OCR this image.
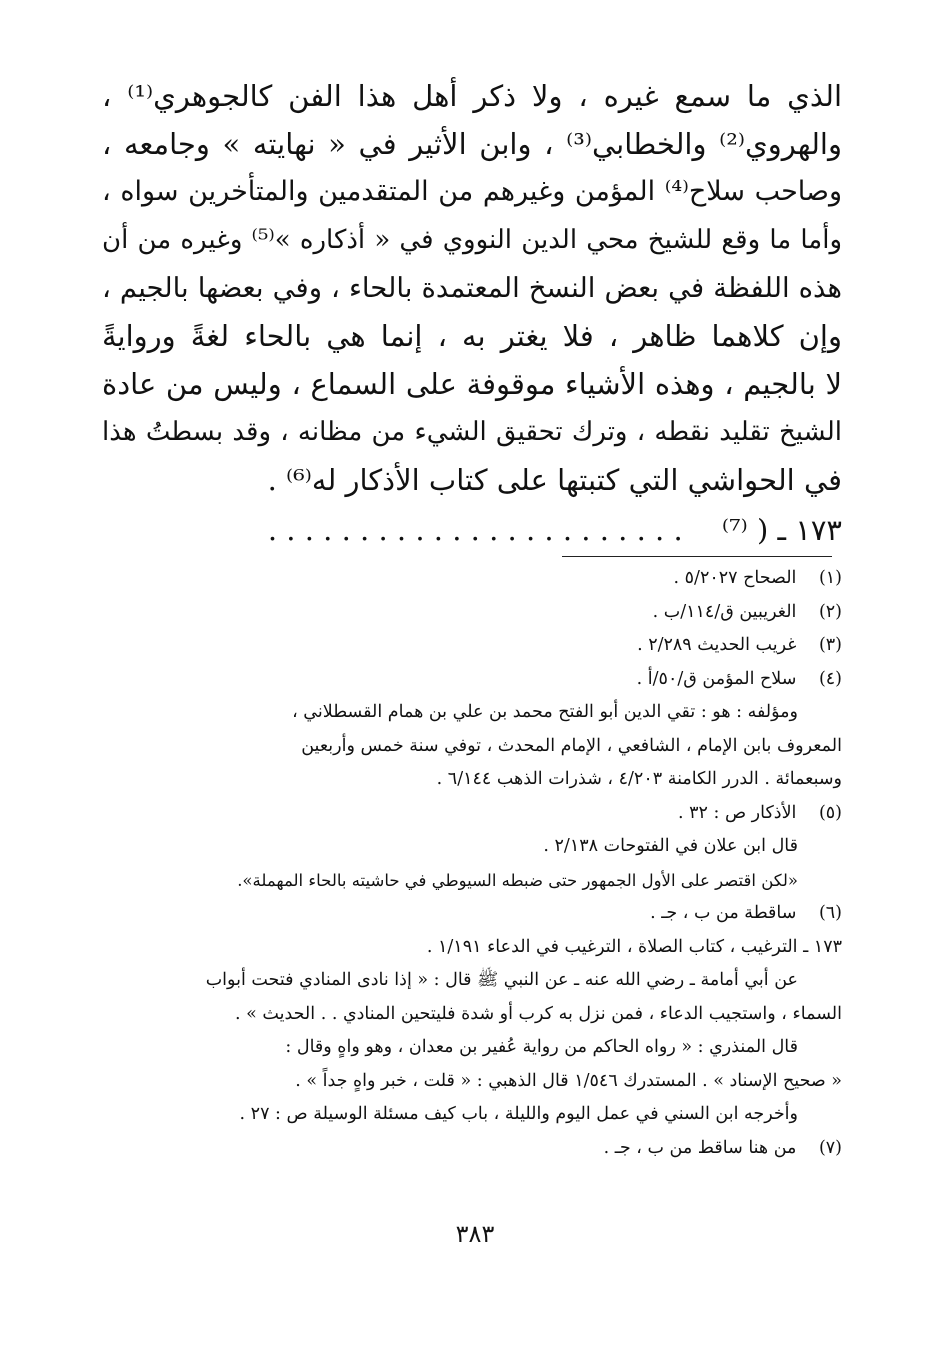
الذي ما سمع غيره ، ولا ذكر أهل هذا الفن كالجوهري⁽¹⁾ ،
والهروي⁽²⁾ والخطابي⁽³⁾ ، وابن الأثير في « نهايته » وجامعه ،
وصاحب سلاح⁽⁴⁾ المؤمن وغيرهم من المتقدمين والمتأخرين سواه ،
وأما ما وقع للشيخ محي الدين النووي في « أذكاره »⁽⁵⁾ وغيره من أن
هذه اللفظة في بعض النسخ المعتمدة بالحاء ، وفي بعضها بالجيم ،
وإن كلاهما ظاهر ، فلا يغتر به ، إنما هي بالحاء لغةً وروايةً
لا بالجيم ، وهذه الأشياء موقوفة على السماع ، وليس من عادة
الشيخ تقليد نقطه ، وترك تحقيق الشيء من مظانه ، وقد بسطتُ هذا
في الحواشي التي كتبتها على كتاب الأذكار له⁽⁶⁾ .
١٧٣ ـ ( ⁽⁷⁾ . . . . . . . . . . . . . . . . . . . . . . .
(١) الصحاح ٥/٢٠٢٧ .
(٢) الغريبين ق/١١٤/ب .
(٣) غريب الحديث ٢/٢٨٩ .
(٤) سلاح المؤمن ق/٥٠/أ .
ومؤلفه : هو : تقي الدين أبو الفتح محمد بن علي بن همام القسطلاني ،
المعروف بابن الإمام ، الشافعي ، الإمام المحدث ، توفي سنة خمس وأربعين
وسبعمائة . الدرر الكامنة ٤/٢٠٣ ، شذرات الذهب ٦/١٤٤ .
(٥) الأذكار ص : ٣٢ .
قال ابن علان في الفتوحات ٢/١٣٨ .
«لكن اقتصر على الأول الجمهور حتى ضبطه السيوطي في حاشيته بالحاء المهملة».
(٦) ساقطة من ب ، جـ .
١٧٣ ـ الترغيب ، كتاب الصلاة ، الترغيب في الدعاء ١/١٩١ .
عن أبي أمامة ـ رضي الله عنه ـ عن النبي ﷺ قال : « إذا نادى المنادي فتحت أبواب
السماء ، واستجيب الدعاء ، فمن نزل به كرب أو شدة فليتحين المنادي . . الحديث » .
قال المنذري : « رواه الحاكم من رواية عُفير بن معدان ، وهو واهٍ وقال :
« صحيح الإسناد » . المستدرك ١/٥٤٦ قال الذهبي : « قلت ، خبر واهٍ جداً » .
وأخرجه ابن السني في عمل اليوم والليلة ، باب كيف مسئلة الوسيلة ص : ٢٧ .
(٧) من هنا ساقط من ب ، جـ .
٣٨٣
